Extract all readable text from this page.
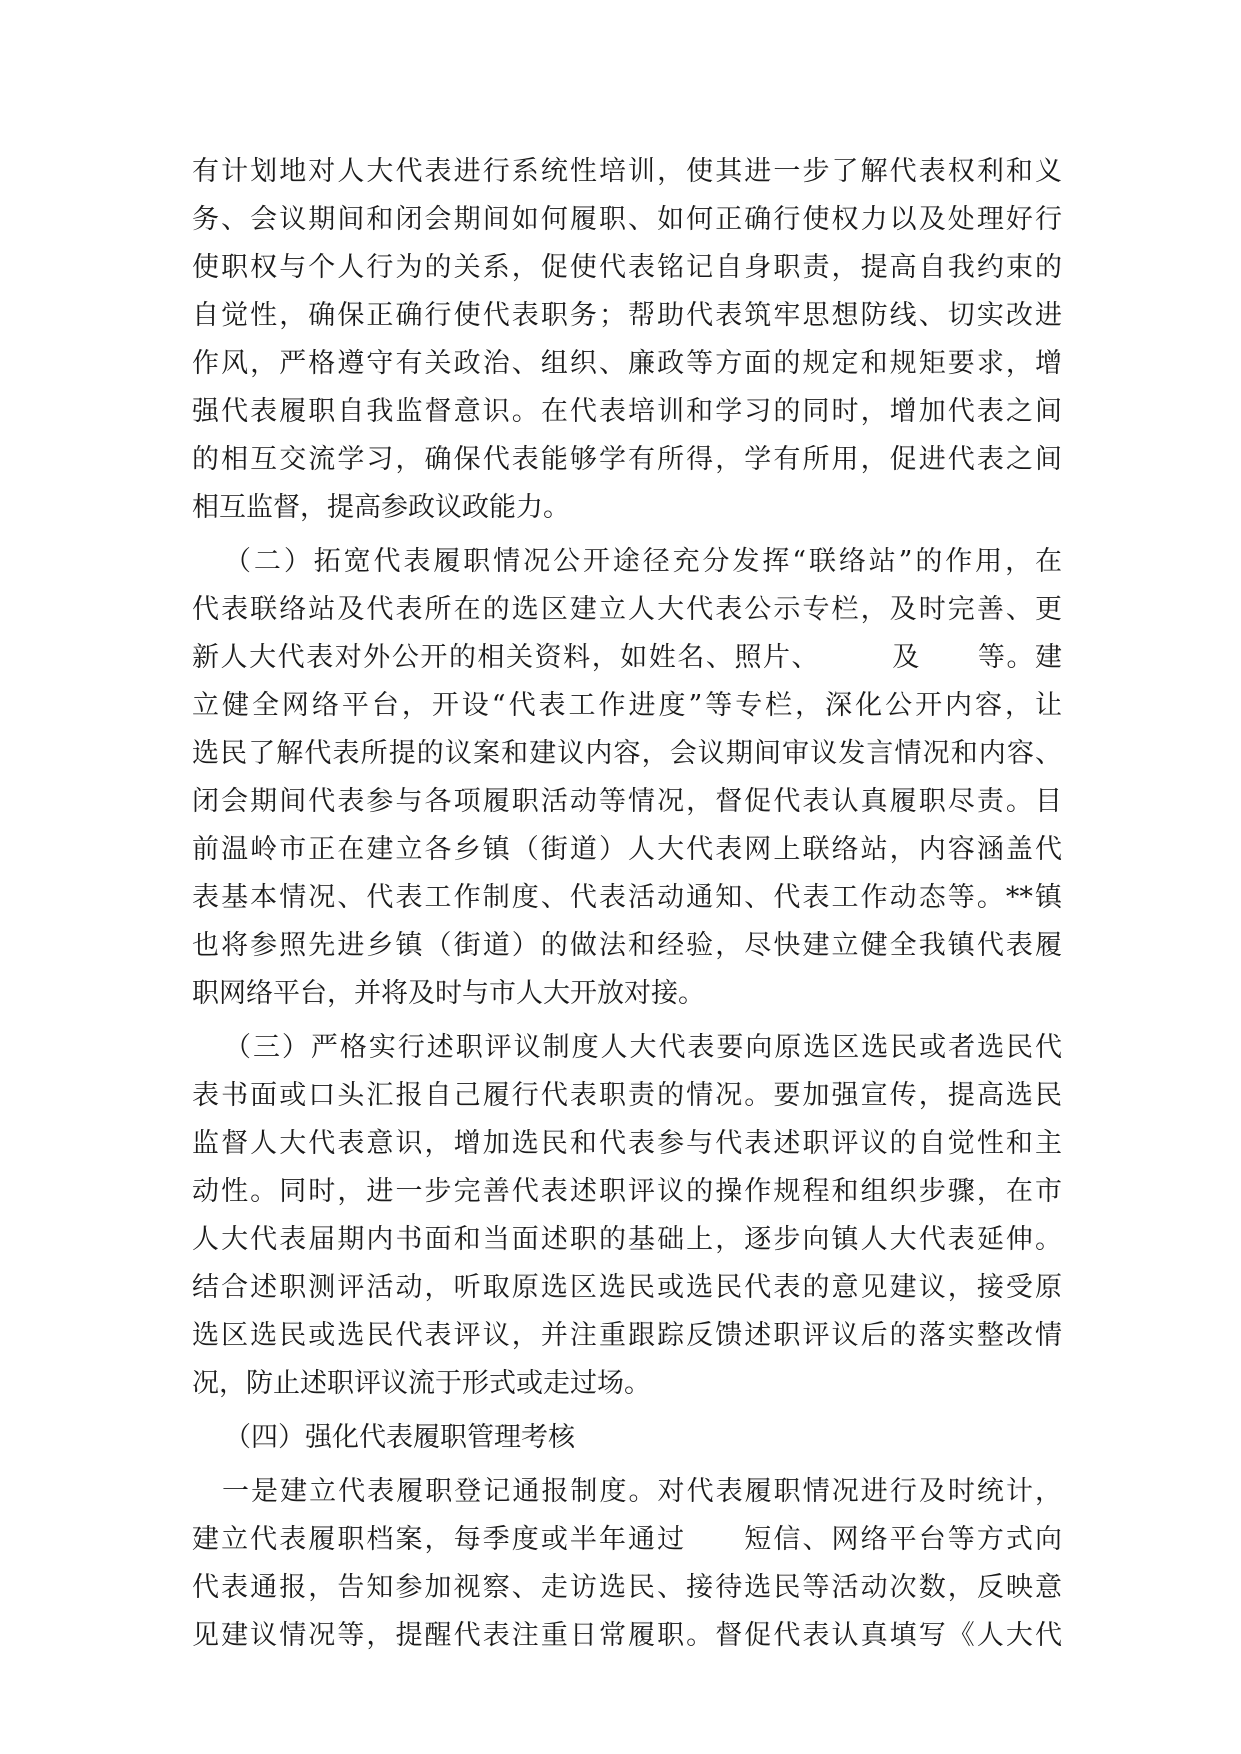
有计划地对人大代表进行系统性培训，使其进一步了解代表权利和义
务、会议期间和闭会期间如何履职、如何正确行使权力以及处理好行
使职权与个人行为的关系，促使代表铭记自身职责，提高自我约束的
自觉性，确保正确行使代表职务；帮助代表筑牢思想防线、切实改进
作风，严格遵守有关政治、组织、廉政等方面的规定和规矩要求，增
强代表履职自我监督意识。在代表培训和学习的同时，增加代表之间
的相互交流学习，确保代表能够学有所得，学有所用，促进代表之间
相互监督，提高参政议政能力。
（二）拓宽代表履职情况公开途径充分发挥“联络站”的作用，在
代表联络站及代表所在的选区建立人大代表公示专栏，及时完善、更
新人大代表对外公开的相关资料，如姓名、照片、　　　及　　等。建
立健全网络平台，开设“代表工作进度”等专栏，深化公开内容，让
选民了解代表所提的议案和建议内容，会议期间审议发言情况和内容、
闭会期间代表参与各项履职活动等情况，督促代表认真履职尽责。目
前温岭市正在建立各乡镇（街道）人大代表网上联络站，内容涵盖代
表基本情况、代表工作制度、代表活动通知、代表工作动态等。**镇
也将参照先进乡镇（街道）的做法和经验，尽快建立健全我镇代表履
职网络平台，并将及时与市人大开放对接。
（三）严格实行述职评议制度人大代表要向原选区选民或者选民代
表书面或口头汇报自己履行代表职责的情况。要加强宣传，提高选民
监督人大代表意识，增加选民和代表参与代表述职评议的自觉性和主
动性。同时，进一步完善代表述职评议的操作规程和组织步骤，在市
人大代表届期内书面和当面述职的基础上，逐步向镇人大代表延伸。
结合述职测评活动，听取原选区选民或选民代表的意见建议，接受原
选区选民或选民代表评议，并注重跟踪反馈述职评议后的落实整改情
况，防止述职评议流于形式或走过场。
（四）强化代表履职管理考核
一是建立代表履职登记通报制度。对代表履职情况进行及时统计，
建立代表履职档案，每季度或半年通过　　短信、网络平台等方式向
代表通报，告知参加视察、走访选民、接待选民等活动次数，反映意
见建议情况等，提醒代表注重日常履职。督促代表认真填写《人大代
